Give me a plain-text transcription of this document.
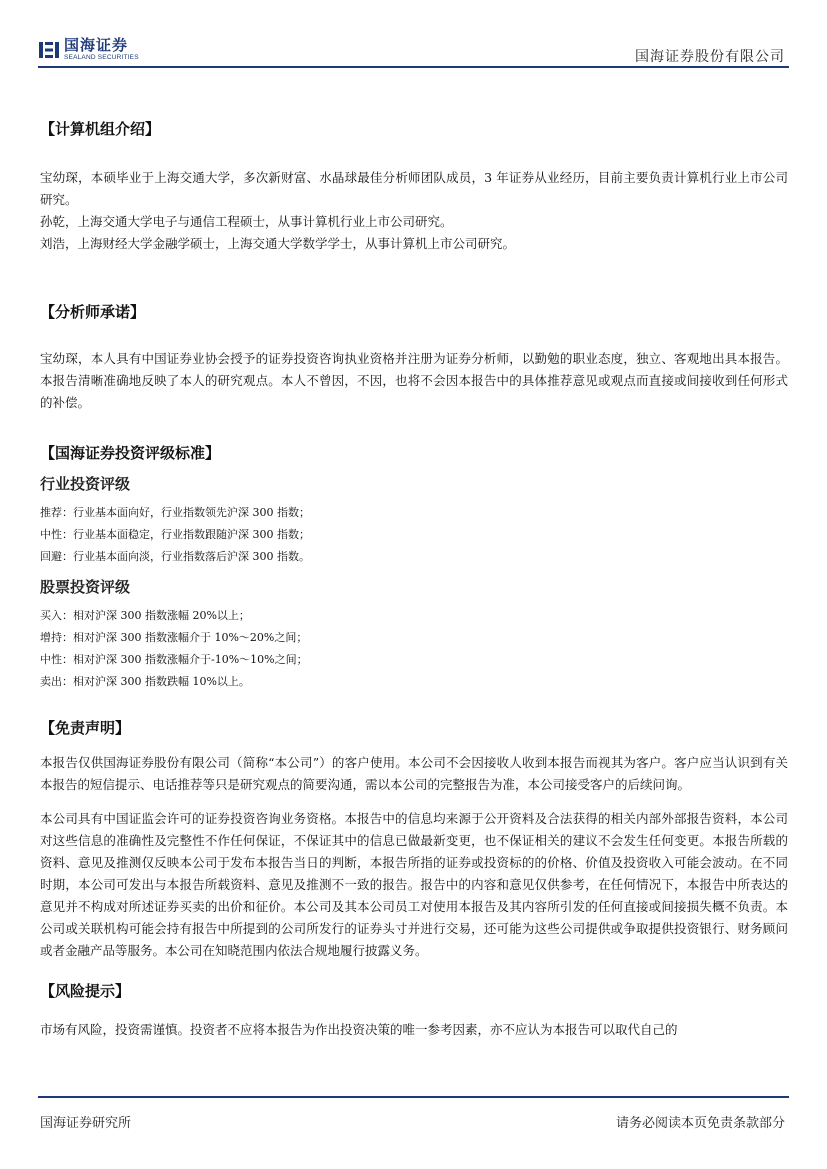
国海证券
SEALAND SECURITIES	国海证券股份有限公司
【计算机组介绍】

宝幼琛，本硕毕业于上海交通大学，多次新财富、水晶球最佳分析师团队成员，3 年证券从业经历，目前主要负责计算机行业上市公司研究。

孙乾，上海交通大学电子与通信工程硕士，从事计算机行业上市公司研究。

刘浩，上海财经大学金融学硕士，上海交通大学数学学士，从事计算机上市公司研究。

【分析师承诺】

宝幼琛，本人具有中国证券业协会授予的证券投资咨询执业资格并注册为证券分析师，以勤勉的职业态度，独立、客观地出具本报告。本报告清晰准确地反映了本人的研究观点。本人不曾因，不因，也将不会因本报告中的具体推荐意见或观点而直接或间接收到任何形式的补偿。

【国海证券投资评级标准】
行业投资评级

推荐：行业基本面向好，行业指数领先沪深 300 指数；

中性：行业基本面稳定，行业指数跟随沪深 300 指数；

回避：行业基本面向淡，行业指数落后沪深 300 指数。

股票投资评级

买入：相对沪深 300 指数涨幅 20%以上；

增持：相对沪深 300 指数涨幅介于 10%～20%之间；

中性：相对沪深 300 指数涨幅介于-10%～10%之间；

卖出：相对沪深 300 指数跌幅 10%以上。

【免责声明】

本报告仅供国海证券股份有限公司（简称“本公司”）的客户使用。本公司不会因接收人收到本报告而视其为客户。客户应当认识到有关本报告的短信提示、电话推荐等只是研究观点的简要沟通，需以本公司的完整报告为准，本公司接受客户的后续问询。

本公司具有中国证监会许可的证券投资咨询业务资格。本报告中的信息均来源于公开资料及合法获得的相关内部外部报告资料，本公司对这些信息的准确性及完整性不作任何保证，不保证其中的信息已做最新变更，也不保证相关的建议不会发生任何变更。本报告所载的资料、意见及推测仅反映本公司于发布本报告当日的判断，本报告所指的证券或投资标的的价格、价值及投资收入可能会波动。在不同时期，本公司可发出与本报告所载资料、意见及推测不一致的报告。报告中的内容和意见仅供参考，在任何情况下，本报告中所表达的意见并不构成对所述证券买卖的出价和征价。本公司及其本公司员工对使用本报告及其内容所引发的任何直接或间接损失概不负责。本公司或关联机构可能会持有报告中所提到的公司所发行的证券头寸并进行交易，还可能为这些公司提供或争取提供投资银行、财务顾问或者金融产品等服务。本公司在知晓范围内依法合规地履行披露义务。

【风险提示】

市场有风险，投资需谨慎。投资者不应将本报告为作出投资决策的唯一参考因素，亦不应认为本报告可以取代自己的

国海证券研究所	请务必阅读本页免责条款部分
